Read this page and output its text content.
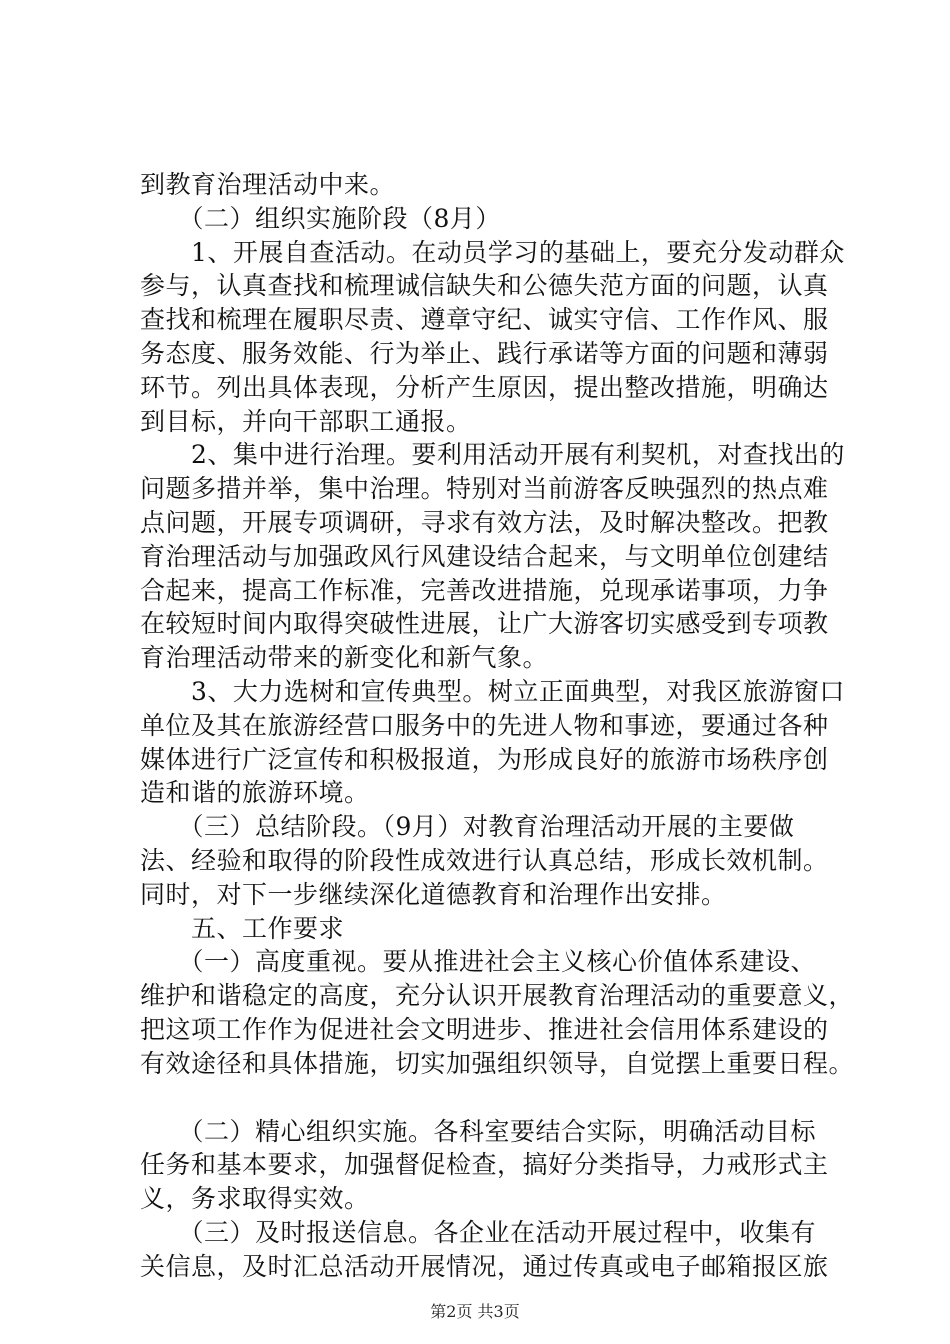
到教育治理活动中来。
　　（二）组织实施阶段（8月）
　　1、开展自查活动。在动员学习的基础上，要充分发动群众
参与，认真查找和梳理诚信缺失和公德失范方面的问题，认真
查找和梳理在履职尽责、遵章守纪、诚实守信、工作作风、服
务态度、服务效能、行为举止、践行承诺等方面的问题和薄弱
环节。列出具体表现，分析产生原因，提出整改措施，明确达
到目标，并向干部职工通报。
　　2、集中进行治理。要利用活动开展有利契机，对查找出的
问题多措并举，集中治理。特别对当前游客反映强烈的热点难
点问题，开展专项调研，寻求有效方法，及时解决整改。把教
育治理活动与加强政风行风建设结合起来，与文明单位创建结
合起来，提高工作标准，完善改进措施，兑现承诺事项，力争
在较短时间内取得突破性进展，让广大游客切实感受到专项教
育治理活动带来的新变化和新气象。
　　3、大力选树和宣传典型。树立正面典型，对我区旅游窗口
单位及其在旅游经营口服务中的先进人物和事迹，要通过各种
媒体进行广泛宣传和积极报道，为形成良好的旅游市场秩序创
造和谐的旅游环境。
　　（三）总结阶段。（9月）对教育治理活动开展的主要做
法、经验和取得的阶段性成效进行认真总结，形成长效机制。
同时，对下一步继续深化道德教育和治理作出安排。
　　五、工作要求
　　（一）高度重视。要从推进社会主义核心价值体系建设、
维护和谐稳定的高度，充分认识开展教育治理活动的重要意义，
把这项工作作为促进社会文明进步、推进社会信用体系建设的
有效途径和具体措施，切实加强组织领导，自觉摆上重要日程。
　　（二）精心组织实施。各科室要结合实际，明确活动目标
任务和基本要求，加强督促检查，搞好分类指导，力戒形式主
义，务求取得实效。
　　（三）及时报送信息。各企业在活动开展过程中，收集有
关信息，及时汇总活动开展情况，通过传真或电子邮箱报区旅
第2页 共3页
